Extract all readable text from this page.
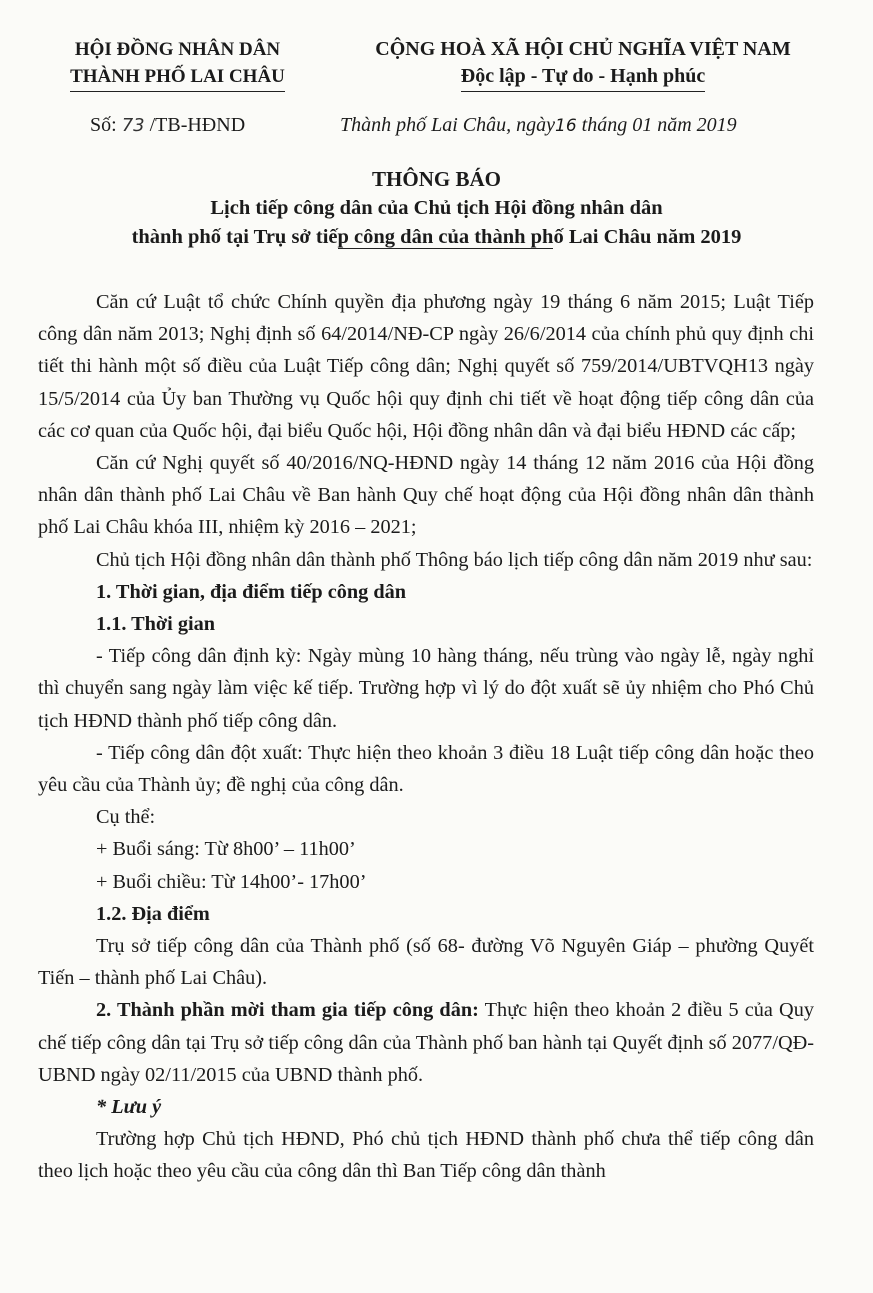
HỘI ĐỒNG NHÂN DÂN
THÀNH PHỐ LAI CHÂU
CỘNG HOÀ XÃ HỘI CHỦ NGHĨA VIỆT NAM
Độc lập - Tự do - Hạnh phúc
Số: 73 /TB-HĐND	Thành phố Lai Châu, ngày16 tháng 01 năm 2019
THÔNG BÁO
Lịch tiếp công dân của Chủ tịch Hội đồng nhân dân
thành phố tại Trụ sở tiếp công dân của thành phố Lai Châu năm 2019

Căn cứ Luật tổ chức Chính quyền địa phương ngày 19 tháng 6 năm 2015; Luật Tiếp công dân năm 2013; Nghị định số 64/2014/NĐ-CP ngày 26/6/2014 của chính phủ quy định chi tiết thi hành một số điều của Luật Tiếp công dân; Nghị quyết số 759/2014/UBTVQH13 ngày 15/5/2014 của Ủy ban Thường vụ Quốc hội quy định chi tiết về hoạt động tiếp công dân của các cơ quan của Quốc hội, đại biểu Quốc hội, Hội đồng nhân dân và đại biểu HĐND các cấp;

Căn cứ Nghị quyết số 40/2016/NQ-HĐND ngày 14 tháng 12 năm 2016 của Hội đồng nhân dân thành phố Lai Châu về Ban hành Quy chế hoạt động của Hội đồng nhân dân thành phố Lai Châu khóa III, nhiệm kỳ 2016 – 2021;

Chủ tịch Hội đồng nhân dân thành phố Thông báo lịch tiếp công dân năm 2019 như sau:

1. Thời gian, địa điểm tiếp công dân

1.1. Thời gian

- Tiếp công dân định kỳ: Ngày mùng 10 hàng tháng, nếu trùng vào ngày lễ, ngày nghỉ thì chuyển sang ngày làm việc kế tiếp. Trường hợp vì lý do đột xuất sẽ ủy nhiệm cho Phó Chủ tịch HĐND thành phố tiếp công dân.

- Tiếp công dân đột xuất: Thực hiện theo khoản 3 điều 18 Luật tiếp công dân hoặc theo yêu cầu của Thành ủy; đề nghị của công dân.

Cụ thể:

+ Buổi sáng: Từ 8h00’ – 11h00’

+ Buổi chiều: Từ 14h00’- 17h00’

1.2. Địa điểm

Trụ sở tiếp công dân của Thành phố (số 68- đường Võ Nguyên Giáp – phường Quyết Tiến – thành phố Lai Châu).

2. Thành phần mời tham gia tiếp công dân: Thực hiện theo khoản 2 điều 5 của Quy chế tiếp công dân tại Trụ sở tiếp công dân của Thành phố ban hành tại Quyết định số 2077/QĐ-UBND ngày 02/11/2015 của UBND thành phố.

* Lưu ý

Trường hợp Chủ tịch HĐND, Phó chủ tịch HĐND thành phố chưa thể tiếp công dân theo lịch hoặc theo yêu cầu của công dân thì Ban Tiếp công dân thành
